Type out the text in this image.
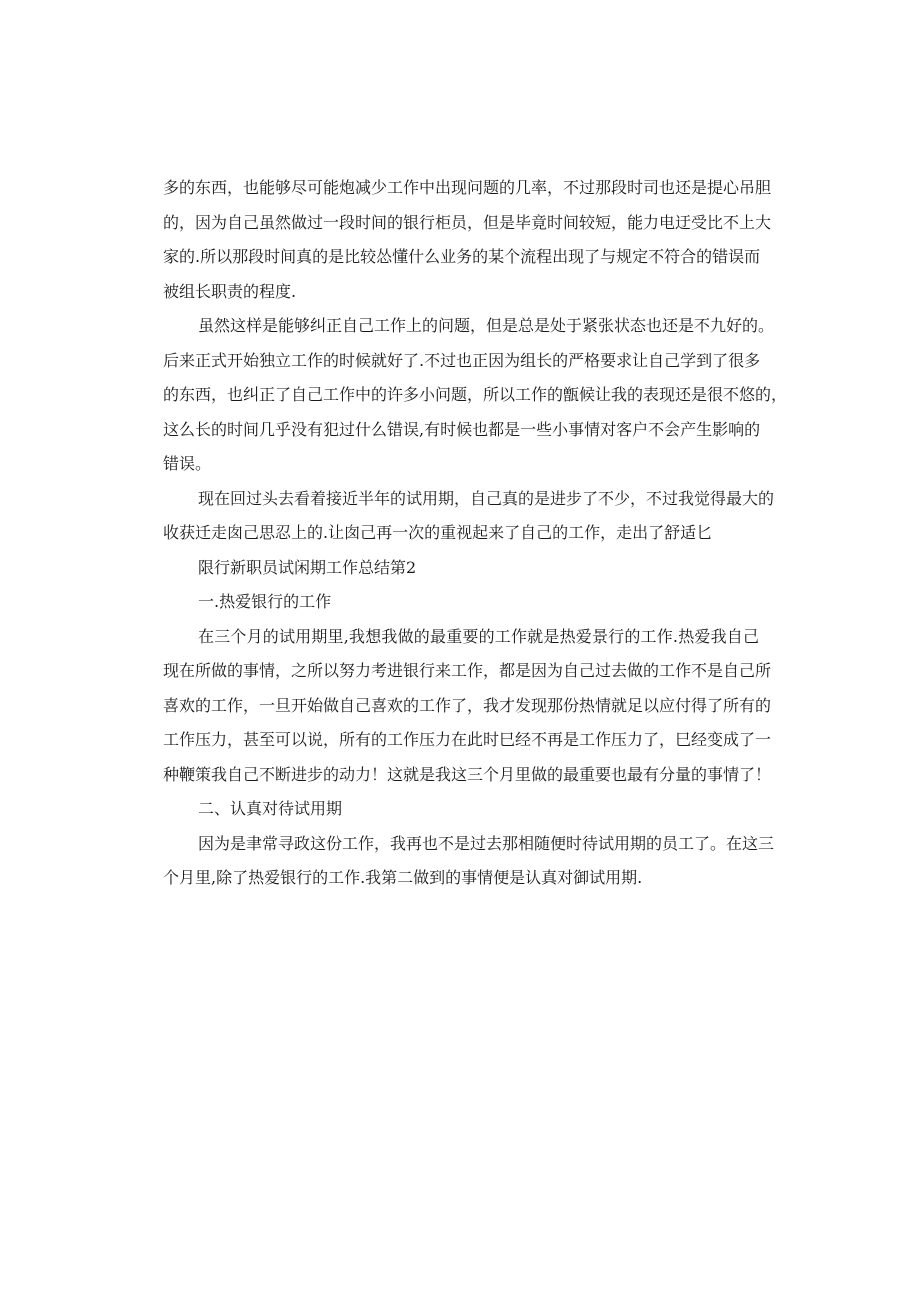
多的东西，也能够尽可能炮减少工作中出现问题的几率，不过那段时司也还是提心吊胆
的，因为自己虽然做过一段时间的银行柜员，但是毕竟时间较短，能力电迂受比不上大
家的.所以那段时间真的是比较怂懂什么业务的某个流程出现了与规定不符合的错误而
被组长职责的程度.
虽然这样是能够纠正自己工作上的问题，但是总是处于紧张状态也还是不九好的。
后来正式开始独立工作的时候就好了.不过也正因为组长的严格要求让自己学到了很多
的东西，也纠正了自己工作中的许多小问题，所以工作的甑候让我的表现还是很不悠的，
这么长的时间几乎没有犯过什么错误,有时候也都是一些小事情对客户不会产生影响的
错误。
现在回过头去看着接近半年的试用期，自己真的是进步了不少，不过我觉得最大的
收获迁走囱己思忍上的.让囱己再一次的重视起来了自己的工作，走出了舒适匕
限行新职员试闲期工作总结第2
一.热爱银行的工作
在三个月的试用期里,我想我做的最重要的工作就是热爱景行的工作.热爱我自己
现在所做的事情，之所以努力考进银行来工作，都是因为自己过去做的工作不是自己所
喜欢的工作，一旦开始做自己喜欢的工作了，我才发现那份热情就足以应付得了所有的
工作压力，甚至可以说，所有的工作压力在此时巳经不再是工作压力了，巳经变成了一
种鞭策我自己不断进步的动力！这就是我这三个月里做的最重要也最有分量的事情了！
二、认真对待试用期
因为是聿常寻政这份工作，我再也不是过去那相随便时待试用期的员工了。在这三
个月里,除了热爱银行的工作.我第二做到的事情便是认真对御试用期.
